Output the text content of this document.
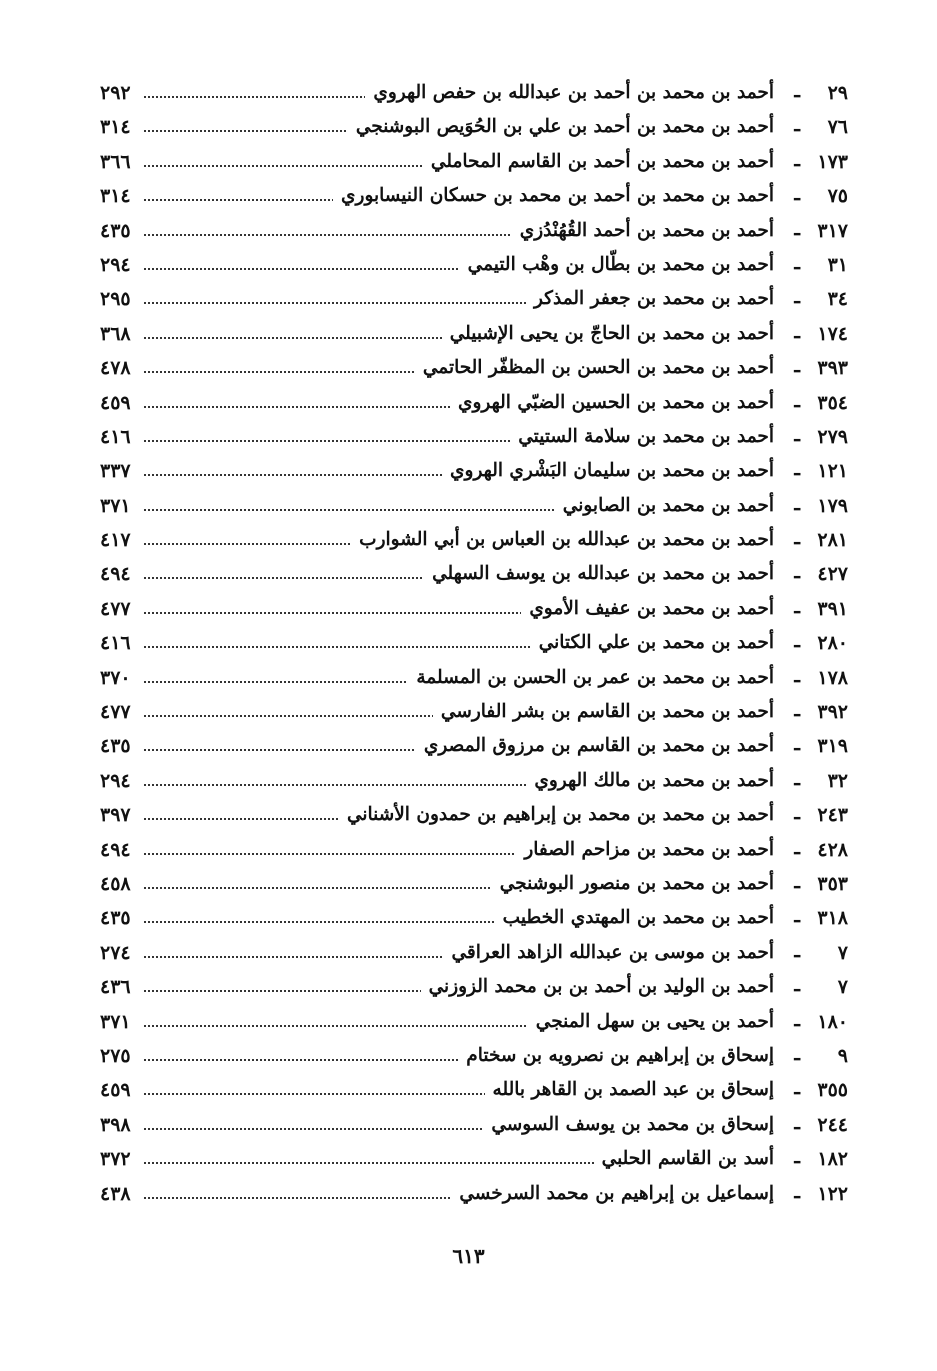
٢٩
ـ
أحمد بن محمد بن أحمد بن عبدالله بن حفص الهروي
٢٩٢
٧٦
ـ
أحمد بن محمد بن أحمد بن علي بن الحُوَيص البوشنجي
٣١٤
١٧٣
ـ
أحمد بن محمد بن أحمد بن القاسم المحاملي
٣٦٦
٧٥
ـ
أحمد بن محمد بن أحمد بن محمد بن حسكان النيسابوري
٣١٤
٣١٧
ـ
أحمد بن محمد بن أحمد القُهُنْدُزي
٤٣٥
٣١
ـ
أحمد بن محمد بن بطّال بن وهْب التيمي
٢٩٤
٣٤
ـ
أحمد بن محمد بن جعفر المذكر
٢٩٥
١٧٤
ـ
أحمد بن محمد بن الحاجّ بن يحيى الإشبيلي
٣٦٨
٣٩٣
ـ
أحمد بن محمد بن الحسن بن المظفّر الحاتمي
٤٧٨
٣٥٤
ـ
أحمد بن محمد بن الحسين الضبّي الهروي
٤٥٩
٢٧٩
ـ
أحمد بن محمد بن سلامة الستيتي
٤١٦
١٢١
ـ
أحمد بن محمد بن سليمان البَشْري الهروي
٣٣٧
١٧٩
ـ
أحمد بن محمد بن الصابوني
٣٧١
٢٨١
ـ
أحمد بن محمد بن عبدالله بن العباس بن أبي الشوارب
٤١٧
٤٢٧
ـ
أحمد بن محمد بن عبدالله بن يوسف السهلي
٤٩٤
٣٩١
ـ
أحمد بن محمد بن عفيف الأموي
٤٧٧
٢٨٠
ـ
أحمد بن محمد بن علي الكتاني
٤١٦
١٧٨
ـ
أحمد بن محمد بن عمر بن الحسن بن المسلمة
٣٧٠
٣٩٢
ـ
أحمد بن محمد بن القاسم بن بشر الفارسي
٤٧٧
٣١٩
ـ
أحمد بن محمد بن القاسم بن مرزوق المصري
٤٣٥
٣٢
ـ
أحمد بن محمد بن مالك الهروي
٢٩٤
٢٤٣
ـ
أحمد بن محمد بن محمد بن إبراهيم بن حمدون الأشناني
٣٩٧
٤٢٨
ـ
أحمد بن محمد بن مزاحم الصفار
٤٩٤
٣٥٣
ـ
أحمد بن محمد بن منصور البوشنجي
٤٥٨
٣١٨
ـ
أحمد بن محمد بن المهتدي الخطيب
٤٣٥
٧
ـ
أحمد بن موسى بن عبدالله الزاهد العراقي
٢٧٤
٧
ـ
أحمد بن الوليد بن أحمد بن بن محمد الزوزني
٤٣٦
١٨٠
ـ
أحمد بن يحيى بن سهل المنجي
٣٧١
٩
ـ
إسحاق بن إبراهيم بن نصرويه بن سختام
٢٧٥
٣٥٥
ـ
إسحاق بن عبد الصمد بن القاهر بالله
٤٥٩
٢٤٤
ـ
إسحاق بن محمد بن يوسف السوسي
٣٩٨
١٨٢
ـ
أسد بن القاسم الحلبي
٣٧٢
١٢٢
ـ
إسماعيل بن إبراهيم بن محمد السرخسي
٤٣٨
٦١٣
